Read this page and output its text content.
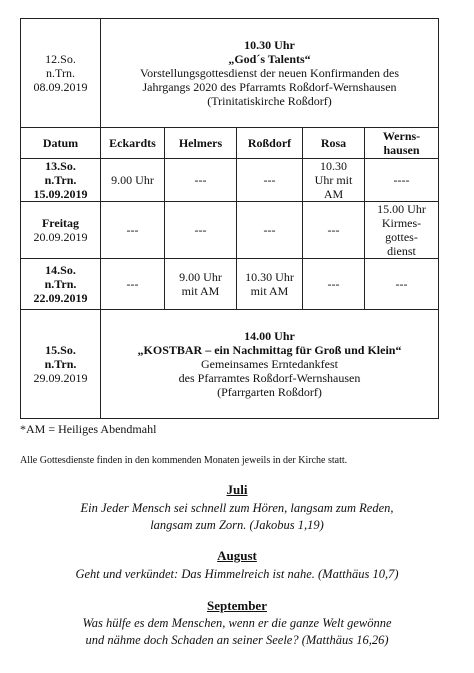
12.So.
n.Trn.
08.09.2019	10.30 Uhr
„God´s Talents“
Vorstellungsgottesdienst der neuen Konfirmanden des
Jahrgangs 2020 des Pfarramts Roßdorf-Wernshausen
(Trinitatiskirche Roßdorf)				

Datum	Eckardts	Helmers	Roßdorf	Rosa	Werns-
hausen

13.So.
n.Trn.
15.09.2019	9.00 Uhr	---	---	10.30
Uhr mit
AM	----

Freitag
20.09.2019	---	---	---	---	15.00 Uhr
Kirmes-
gottes-
dienst

14.So.
n.Trn.
22.09.2019	---	9.00 Uhr
mit AM	10.30 Uhr
mit AM	---	---

15.So.
n.Trn.
29.09.2019	14.00 Uhr
„KOSTBAR – ein Nachmittag für Groß und Klein“
Gemeinsames Erntedankfest
des Pfarramtes Roßdorf-Wernshausen
(Pfarrgarten Roßdorf)				
*AM = Heiliges Abendmahl
Alle Gottesdienste finden in den kommenden Monaten jeweils in der Kirche statt.
Juli
Ein Jeder Mensch sei schnell zum Hören, langsam zum Reden,
langsam zum Zorn. (Jakobus 1,19)
August
Geht und verkündet: Das Himmelreich ist nahe. (Matthäus 10,7)
September
Was hülfe es dem Menschen, wenn er die ganze Welt gewönne
und nähme doch Schaden an seiner Seele? (Matthäus 16,26)
